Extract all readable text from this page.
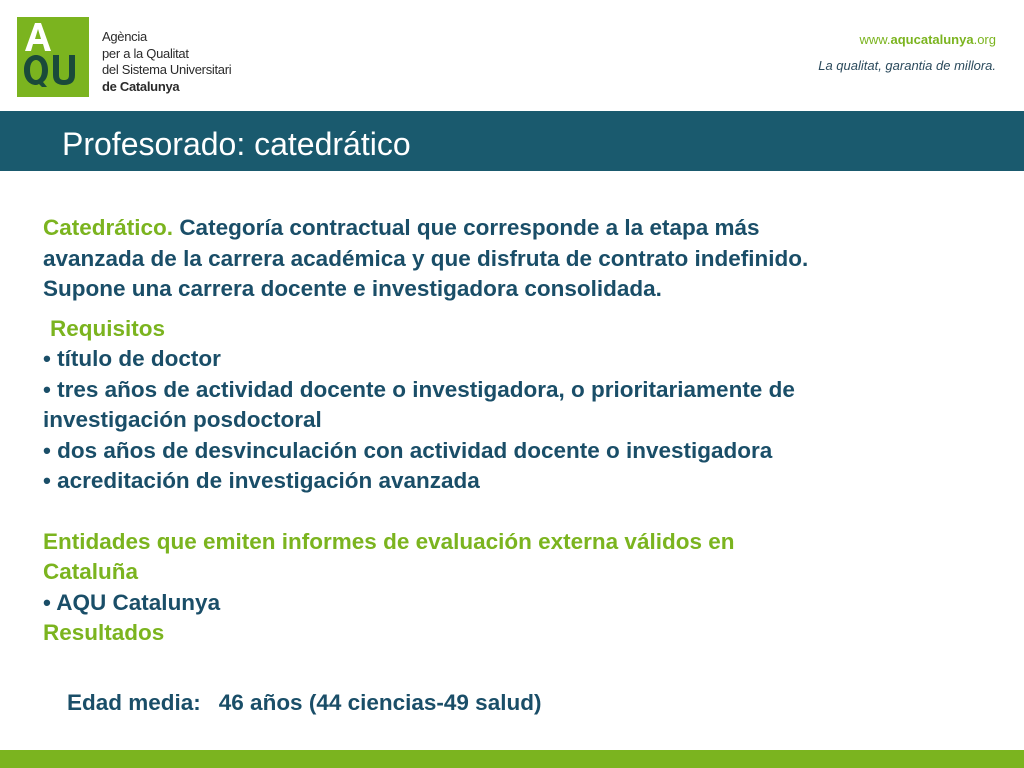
Agència
per a la Qualitat
del Sistema Universitari
de Catalunya
www.aqucatalunya.org
La qualitat, garantia de millora.
Profesorado: catedrático

Catedrático. Categoría contractual que corresponde a la etapa más

avanzada de la carrera académica y que disfruta de contrato indefinido.

Supone una carrera docente e investigadora consolidada.

Requisitos

• título de doctor

• tres años de actividad docente o investigadora, o prioritariamente de

investigación posdoctoral

• dos años de desvinculación con actividad docente o investigadora

• acreditación de investigación avanzada

Entidades que emiten informes de evaluación externa válidos en

Cataluña

• AQU Catalunya

Resultados

Edad media: 46 años (44 ciencias-49 salud)
